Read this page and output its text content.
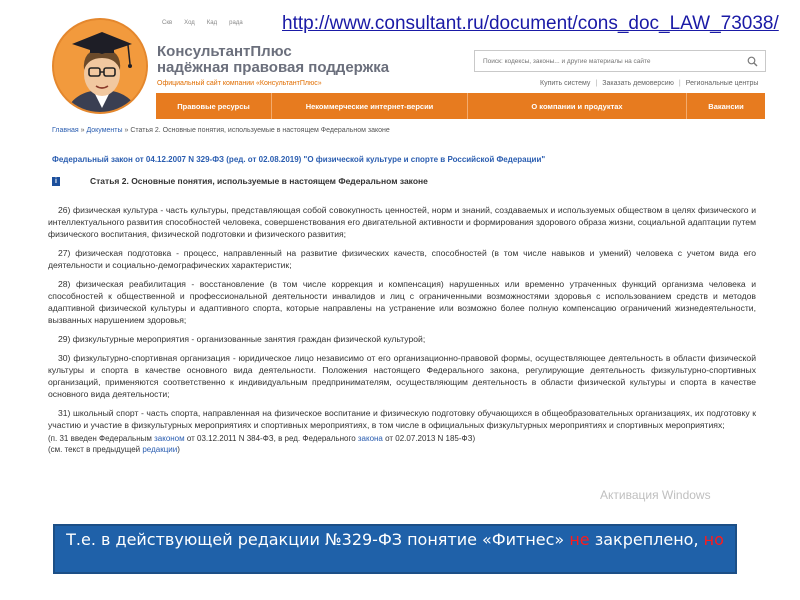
Скв Ход Кад рада
КонсультантПлюс
надёжная правовая поддержка
Официальный сайт компании «КонсультантПлюс»
http://www.consultant.ru/document/cons_doc_LAW_73038/
Поиск: кодексы, законы... и другие материалы на сайте
Купить систему | Заказать демоверсию | Региональные центры
Правовые ресурсы	Некоммерческие интернет-версии	О компании и продуктах	Вакансии
Главная » Документы » Статья 2. Основные понятия, используемые в настоящем Федеральном законе
Федеральный закон от 04.12.2007 N 329-ФЗ (ред. от 02.08.2019) "О физической культуре и спорте в Российской Федерации"
i	Статья 2. Основные понятия, используемые в настоящем Федеральном законе

26) физическая культура - часть культуры, представляющая собой совокупность ценностей, норм и знаний, создаваемых и используемых обществом в целях физического и интеллектуального развития способностей человека, совершенствования его двигательной активности и формирования здорового образа жизни, социальной адаптации путем физического воспитания, физической подготовки и физического развития;

27) физическая подготовка - процесс, направленный на развитие физических качеств, способностей (в том числе навыков и умений) человека с учетом вида его деятельности и социально-демографических характеристик;

28) физическая реабилитация - восстановление (в том числе коррекция и компенсация) нарушенных или временно утраченных функций организма человека и способностей к общественной и профессиональной деятельности инвалидов и лиц с ограниченными возможностями здоровья с использованием средств и методов адаптивной физической культуры и адаптивного спорта, которые направлены на устранение или возможно более полную компенсацию ограничений жизнедеятельности, вызванных нарушением здоровья;

29) физкультурные мероприятия - организованные занятия граждан физической культурой;

30) физкультурно-спортивная организация - юридическое лицо независимо от его организационно-правовой формы, осуществляющее деятельность в области физической культуры и спорта в качестве основного вида деятельности. Положения настоящего Федерального закона, регулирующие деятельность физкультурно-спортивных организаций, применяются соответственно к индивидуальным предпринимателям, осуществляющим деятельность в области физической культуры и спорта в качестве основного вида деятельности;

31) школьный спорт - часть спорта, направленная на физическое воспитание и физическую подготовку обучающихся в общеобразовательных организациях, их подготовку к участию и участие в физкультурных мероприятиях и спортивных мероприятиях, в том числе в официальных физкультурных мероприятиях и спортивных мероприятиях;

(п. 31 введен Федеральным законом от 03.12.2011 N 384-ФЗ, в ред. Федерального закона от 02.07.2013 N 185-ФЗ)
(см. текст в предыдущей редакции)
Активация Windows
Т.е. в действующей редакции №329-ФЗ понятие «Фитнес» не закреплено, но
